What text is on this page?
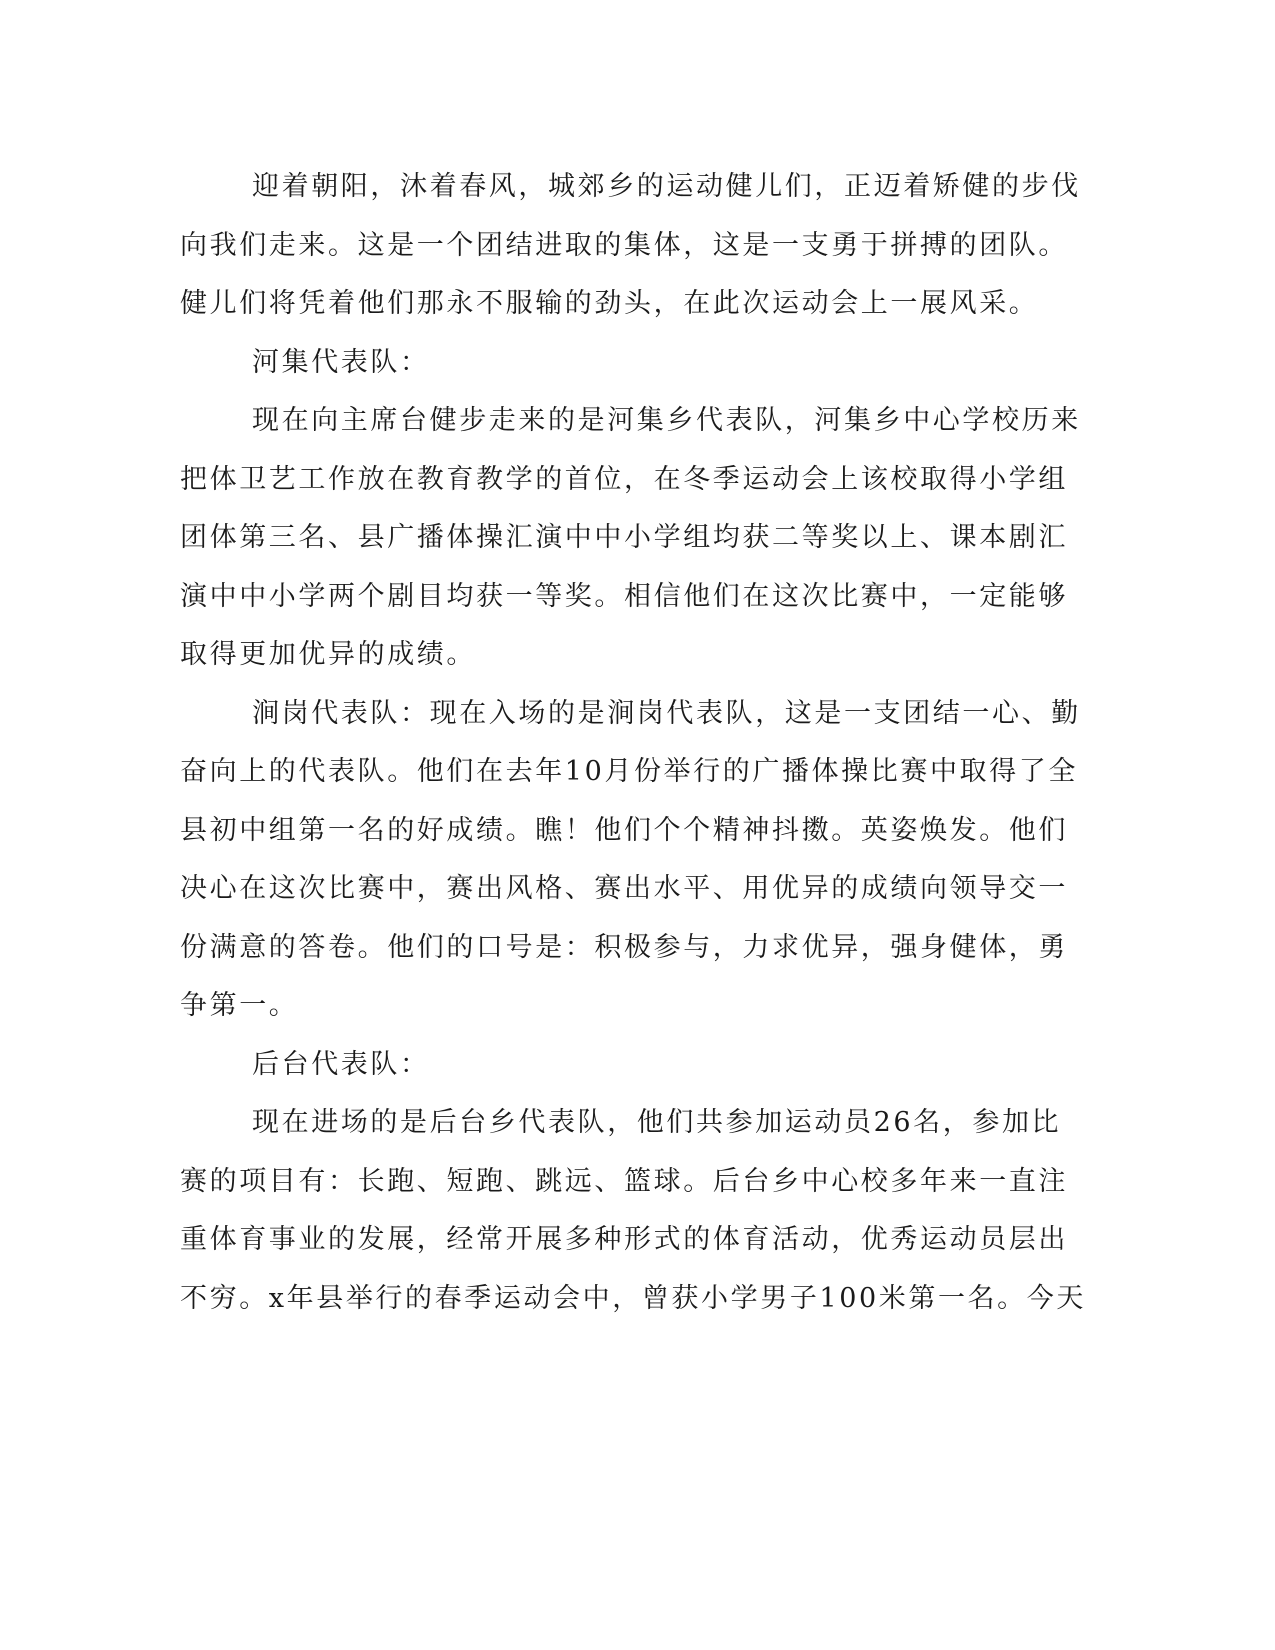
迎着朝阳，沐着春风，城郊乡的运动健儿们，正迈着矫健的步伐
向我们走来。这是一个团结进取的集体，这是一支勇于拼搏的团队。
健儿们将凭着他们那永不服输的劲头，在此次运动会上一展风采。
河集代表队：
现在向主席台健步走来的是河集乡代表队，河集乡中心学校历来
把体卫艺工作放在教育教学的首位，在冬季运动会上该校取得小学组
团体第三名、县广播体操汇演中中小学组均获二等奖以上、课本剧汇
演中中小学两个剧目均获一等奖。相信他们在这次比赛中，一定能够
取得更加优异的成绩。
涧岗代表队：现在入场的是涧岗代表队，这是一支团结一心、勤
奋向上的代表队。他们在去年10月份举行的广播体操比赛中取得了全
县初中组第一名的好成绩。瞧！他们个个精神抖擞。英姿焕发。他们
决心在这次比赛中，赛出风格、赛出水平、用优异的成绩向领导交一
份满意的答卷。他们的口号是：积极参与，力求优异，强身健体，勇
争第一。
后台代表队：
现在进场的是后台乡代表队，他们共参加运动员26名，参加比
赛的项目有：长跑、短跑、跳远、篮球。后台乡中心校多年来一直注
重体育事业的发展，经常开展多种形式的体育活动，优秀运动员层出
不穷。x年县举行的春季运动会中，曾获小学男子100米第一名。今天
